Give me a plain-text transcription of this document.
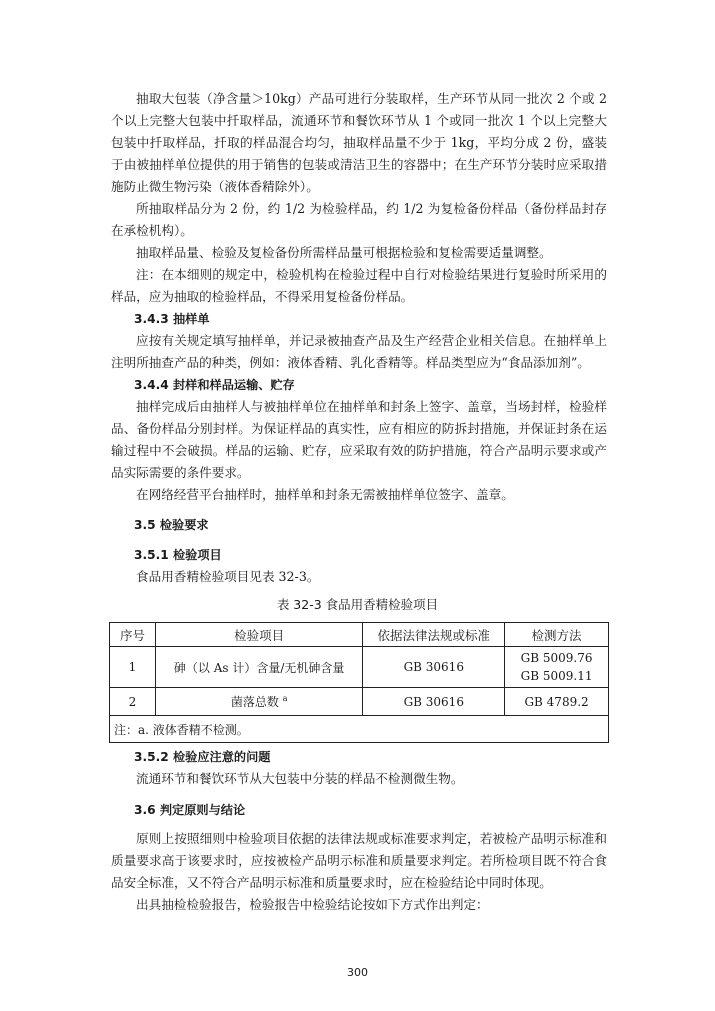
抽取大包装（净含量＞10kg）产品可进行分装取样，生产环节从同一批次 2 个或 2 个以上完整大包装中扦取样品，流通环节和餐饮环节从 1 个或同一批次 1 个以上完整大包装中扦取样品，扦取的样品混合均匀，抽取样品量不少于 1kg，平均分成 2 份，盛装于由被抽样单位提供的用于销售的包装或清洁卫生的容器中；在生产环节分装时应采取措施防止微生物污染（液体香精除外）。

所抽取样品分为 2 份，约 1/2 为检验样品，约 1/2 为复检备份样品（备份样品封存在承检机构）。

抽取样品量、检验及复检备份所需样品量可根据检验和复检需要适量调整。

注：在本细则的规定中，检验机构在检验过程中自行对检验结果进行复验时所采用的样品，应为抽取的检验样品，不得采用复检备份样品。

3.4.3 抽样单

应按有关规定填写抽样单，并记录被抽查产品及生产经营企业相关信息。在抽样单上注明所抽查产品的种类，例如：液体香精、乳化香精等。样品类型应为“食品添加剂”。

3.4.4 封样和样品运输、贮存

抽样完成后由抽样人与被抽样单位在抽样单和封条上签字、盖章，当场封样，检验样品、备份样品分别封样。为保证样品的真实性，应有相应的防拆封措施，并保证封条在运输过程中不会破损。样品的运输、贮存，应采取有效的防护措施，符合产品明示要求或产品实际需要的条件要求。

在网络经营平台抽样时，抽样单和封条无需被抽样单位签字、盖章。

3.5 检验要求
3.5.1 检验项目

食品用香精检验项目见表 32-3。

表 32-3 食品用香精检验项目

序号	检验项目	依据法律法规或标准	检测方法
1	砷（以 As 计）含量/无机砷含量	GB 30616	GB 5009.76
GB 5009.11

2	菌落总数 $^a$	GB 30616	GB 4789.2
注：a. 液体香精不检测。			
3.5.2 检验应注意的问题

流通环节和餐饮环节从大包装中分装的样品不检测微生物。

3.6 判定原则与结论

原则上按照细则中检验项目依据的法律法规或标准要求判定，若被检产品明示标准和质量要求高于该要求时，应按被检产品明示标准和质量要求判定。若所检项目既不符合食品安全标准，又不符合产品明示标准和质量要求时，应在检验结论中同时体现。

出具抽检检验报告，检验报告中检验结论按如下方式作出判定：

300
